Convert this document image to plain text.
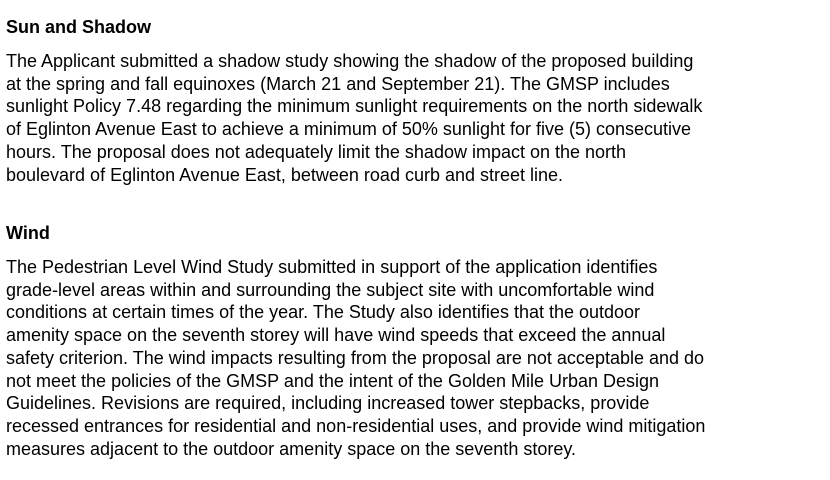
Sun and Shadow
The Applicant submitted a shadow study showing the shadow of the proposed building
at the spring and fall equinoxes (March 21 and September 21). The GMSP includes
sunlight Policy 7.48 regarding the minimum sunlight requirements on the north sidewalk
of Eglinton Avenue East to achieve a minimum of 50% sunlight for five (5) consecutive
hours. The proposal does not adequately limit the shadow impact on the north
boulevard of Eglinton Avenue East, between road curb and street line.
Wind
The Pedestrian Level Wind Study submitted in support of the application identifies
grade-level areas within and surrounding the subject site with uncomfortable wind
conditions at certain times of the year. The Study also identifies that the outdoor
amenity space on the seventh storey will have wind speeds that exceed the annual
safety criterion. The wind impacts resulting from the proposal are not acceptable and do
not meet the policies of the GMSP and the intent of the Golden Mile Urban Design
Guidelines. Revisions are required, including increased tower stepbacks, provide
recessed entrances for residential and non-residential uses, and provide wind mitigation
measures adjacent to the outdoor amenity space on the seventh storey.
